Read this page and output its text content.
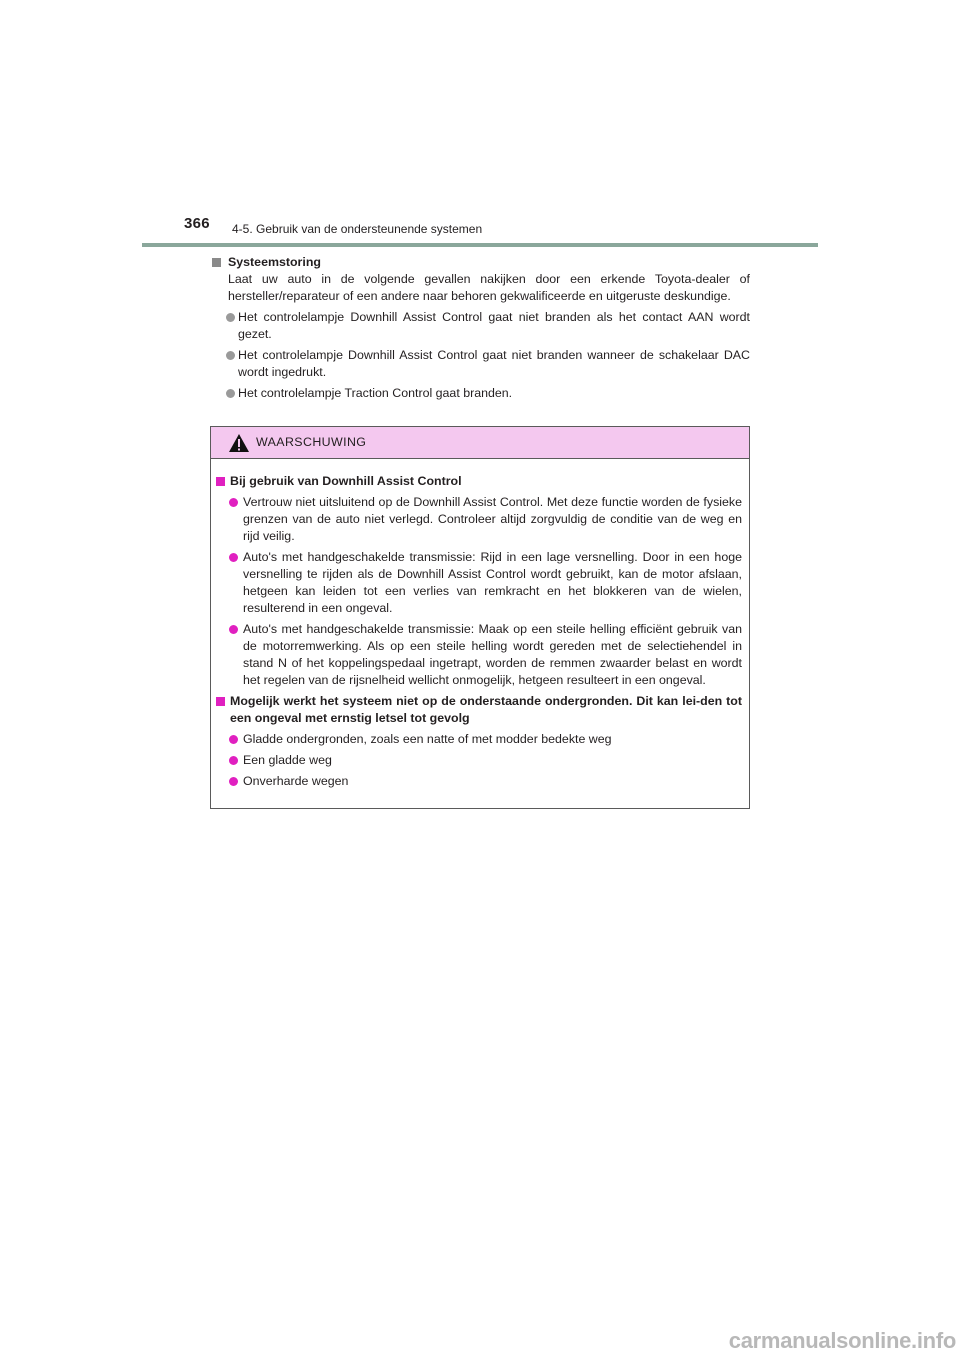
366 4-5. Gebruik van de ondersteunende systemen
Systeemstoring
Laat uw auto in de volgende gevallen nakijken door een erkende Toyota-dealer of hersteller/reparateur of een andere naar behoren gekwalificeerde en uitgeruste deskundige.
Het controlelampje Downhill Assist Control gaat niet branden als het contact AAN wordt gezet.
Het controlelampje Downhill Assist Control gaat niet branden wanneer de schakelaar DAC wordt ingedrukt.
Het controlelampje Traction Control gaat branden.
WAARSCHUWING
Bij gebruik van Downhill Assist Control
Vertrouw niet uitsluitend op de Downhill Assist Control. Met deze functie worden de fysieke grenzen van de auto niet verlegd. Controleer altijd zorgvuldig de conditie van de weg en rijd veilig.
Auto's met handgeschakelde transmissie: Rijd in een lage versnelling. Door in een hoge versnelling te rijden als de Downhill Assist Control wordt gebruikt, kan de motor afslaan, hetgeen kan leiden tot een verlies van remkracht en het blokkeren van de wielen, resulterend in een ongeval.
Auto's met handgeschakelde transmissie: Maak op een steile helling efficiënt gebruik van de motorremwerking. Als op een steile helling wordt gereden met de selectiehendel in stand N of het koppelingspedaal ingetrapt, worden de remmen zwaarder belast en wordt het regelen van de rijsnelheid wellicht onmogelijk, hetgeen resulteert in een ongeval.
Mogelijk werkt het systeem niet op de onderstaande ondergronden. Dit kan lei-den tot een ongeval met ernstig letsel tot gevolg
Gladde ondergronden, zoals een natte of met modder bedekte weg
Een gladde weg
Onverharde wegen
carmanualsonline.info
